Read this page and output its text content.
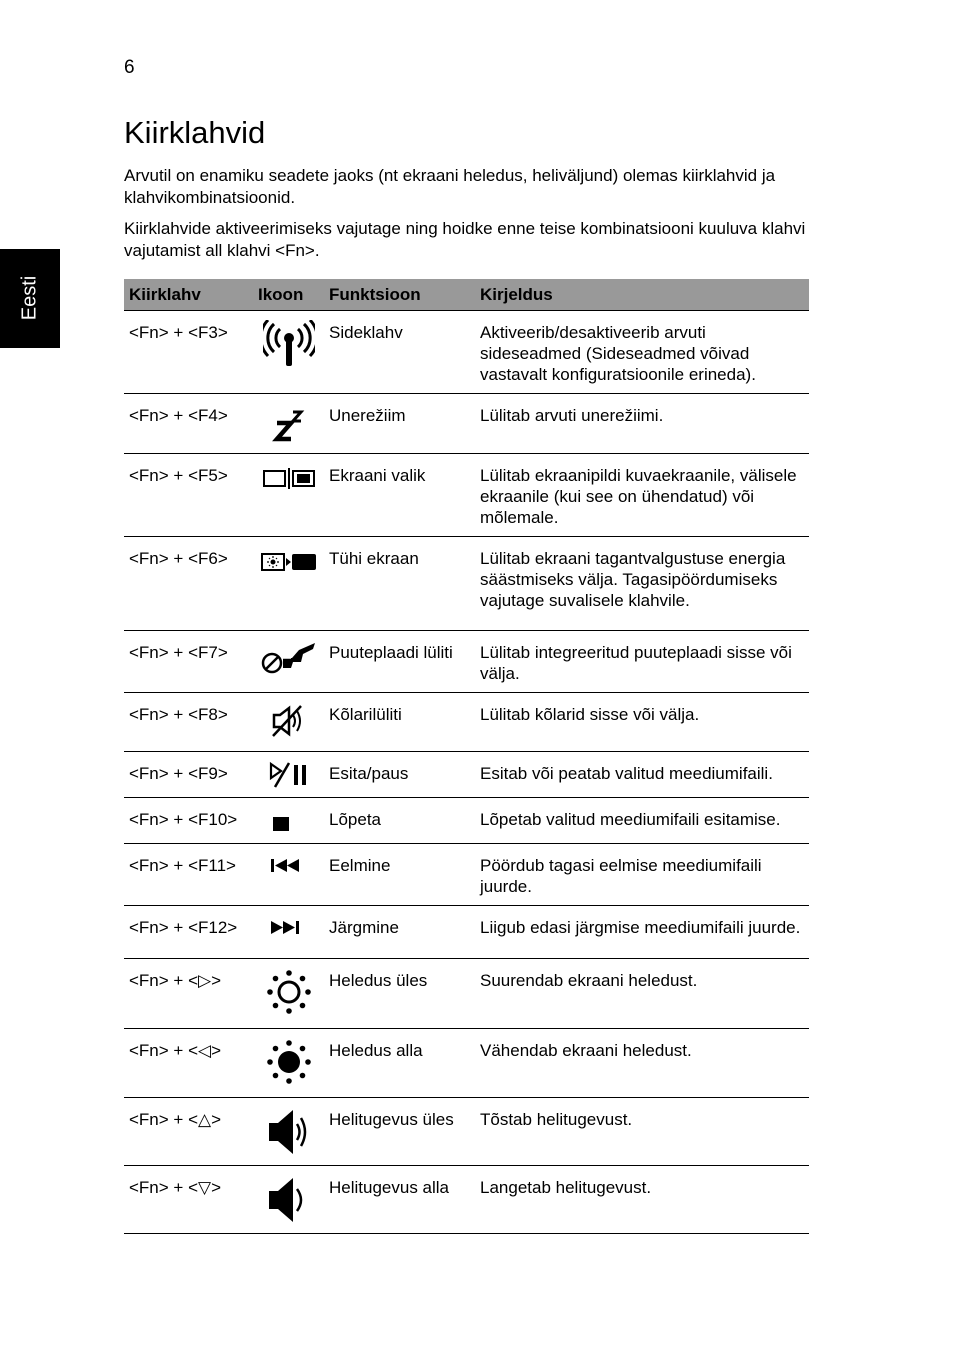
6
Eesti
Kiirklahvid

Arvutil on enamiku seadete jaoks (nt ekraani heledus, heliväljund) olemas kiirklahvid ja klahvikombinatsioonid.

Kiirklahvide aktiveerimiseks vajutage ning hoidke enne teise kombinatsiooni kuuluva klahvi vajutamist all klahvi <Fn>.

Kiirklahv	Ikoon	Funktsioon	Kirjeldus
<Fn> + <F3>		Sideklahv	Aktiveerib/desaktiveerib arvuti sideseadmed (Sideseadmed võivad vastavalt konfiguratsioonile erineda).
<Fn> + <F4>		Unerežiim	Lülitab arvuti unerežiimi.
<Fn> + <F5>		Ekraani valik	Lülitab ekraanipildi kuvaekraanile, välisele ekraanile (kui see on ühendatud) või mõlemale.
<Fn> + <F6>		Tühi ekraan	Lülitab ekraani tagantvalgustuse energia säästmiseks välja. Tagasipöördumiseks vajutage suvalisele klahvile.
<Fn> + <F7>		Puuteplaadi lüliti	Lülitab integreeritud puuteplaadi sisse või välja.
<Fn> + <F8>		Kõlarilüliti	Lülitab kõlarid sisse või välja.
<Fn> + <F9>		Esita/paus	Esitab või peatab valitud meediumifaili.
<Fn> + <F10>		Lõpeta	Lõpetab valitud meediumifaili esitamise.
<Fn> + <F11>		Eelmine	Pöördub tagasi eelmise meediumifaili juurde.
<Fn> + <F12>		Järgmine	Liigub edasi järgmise meediumifaili juurde.
<Fn> + <▷>		Heledus üles	Suurendab ekraani heledust.
<Fn> + <◁>		Heledus alla	Vähendab ekraani heledust.
<Fn> + <△>		Helitugevus üles	Tõstab helitugevust.
<Fn> + <▽>		Helitugevus alla	Langetab helitugevust.
